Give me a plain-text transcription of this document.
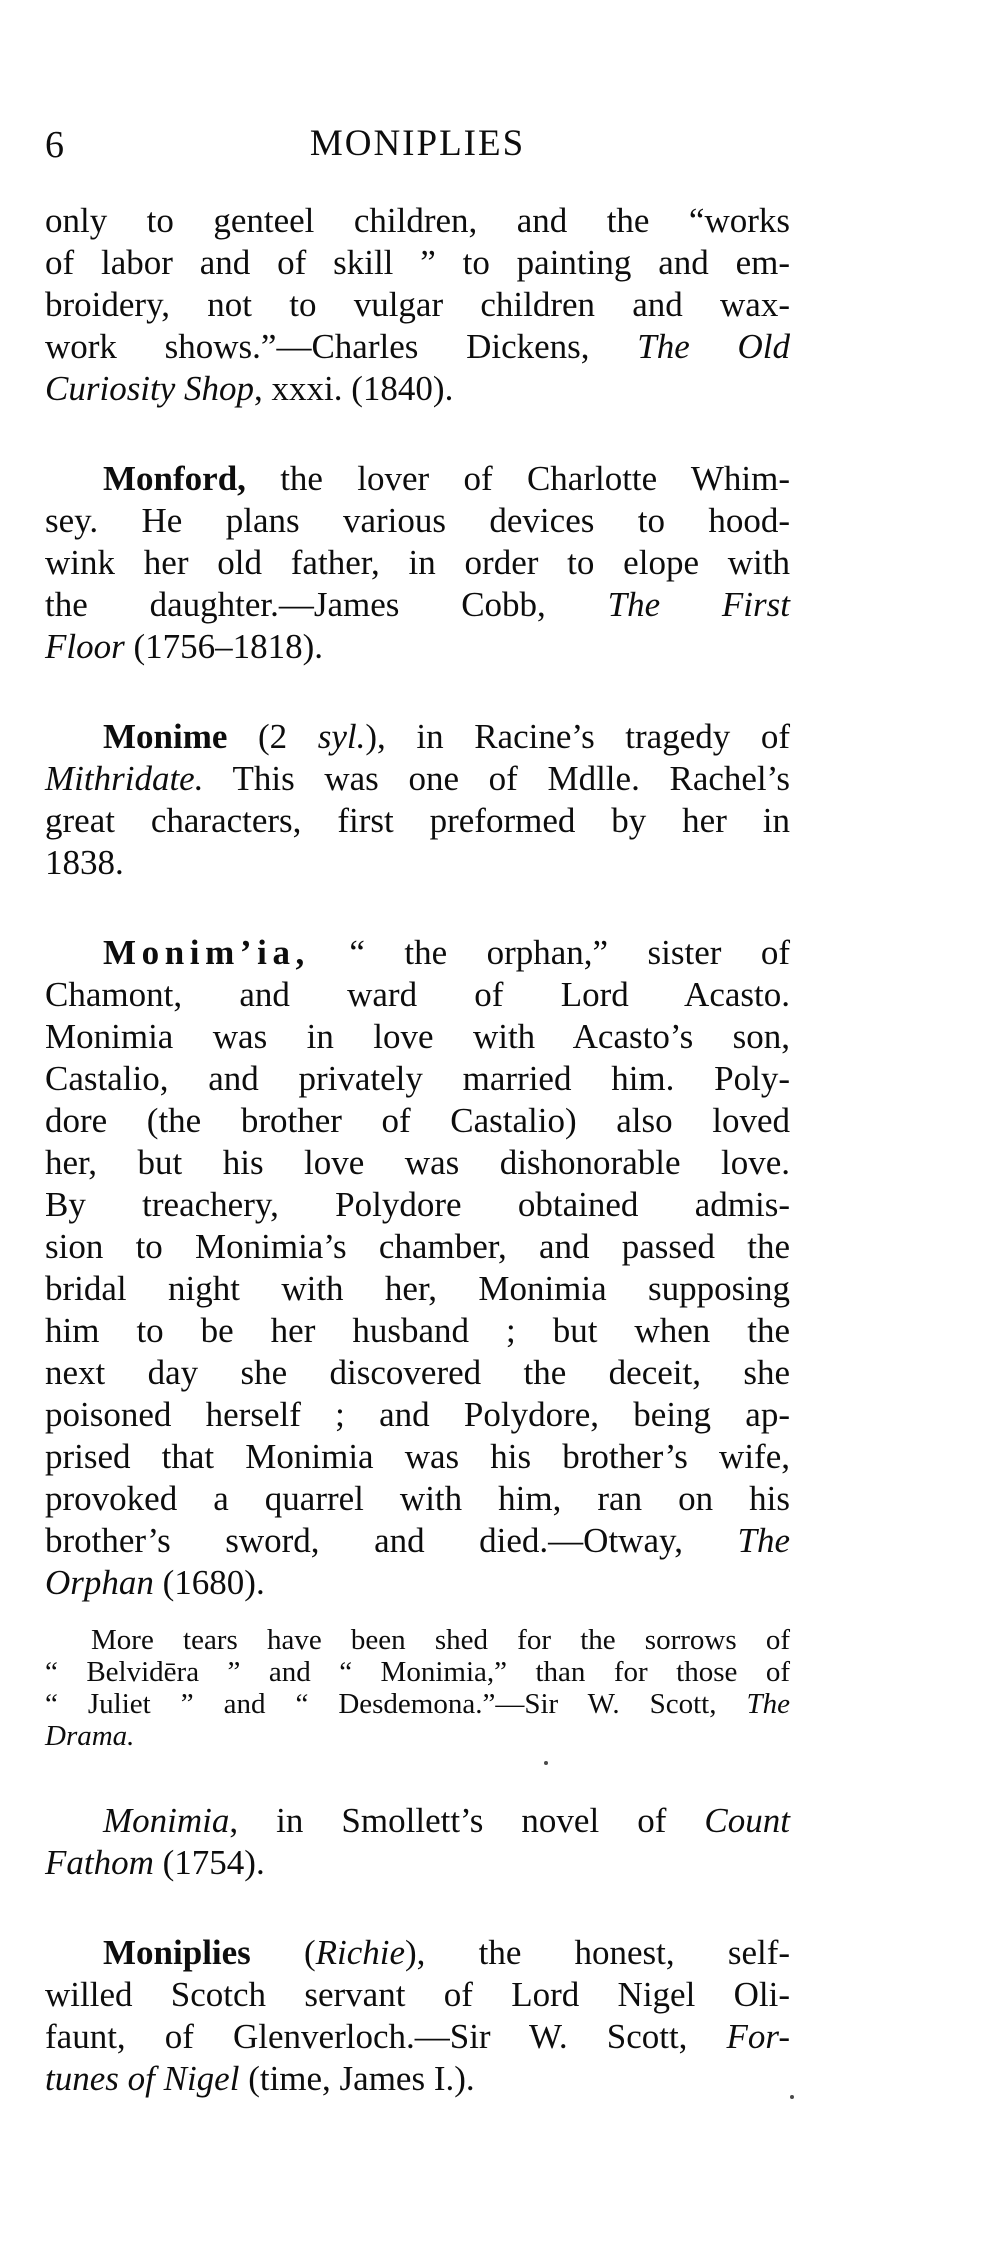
6	MONIPLIES
only to genteel children, and the “works
of labor and of skill ” to painting and em-
broidery, not to vulgar children and wax-
work shows.”—Charles Dickens, The Old
Curiosity Shop, xxxi. (1840).
Monford, the lover of Charlotte Whim-
sey. He plans various devices to hood-
wink her old father, in order to elope with
the daughter.—James Cobb, The First
Floor (1756–1818).
Monime (2 syl.), in Racine’s tragedy of
Mithridate. This was one of Mdlle. Rachel’s
great characters, first preformed by her in
1838.
Monim’ia, “ the orphan,” sister of
Chamont, and ward of Lord Acasto.
Monimia was in love with Acasto’s son,
Castalio, and privately married him. Poly-
dore (the brother of Castalio) also loved
her, but his love was dishonorable love.
By treachery, Polydore obtained admis-
sion to Monimia’s chamber, and passed the
bridal night with her, Monimia supposing
him to be her husband ; but when the
next day she discovered the deceit, she
poisoned herself ; and Polydore, being ap-
prised that Monimia was his brother’s wife,
provoked a quarrel with him, ran on his
brother’s sword, and died.—Otway, The
Orphan (1680).
More tears have been shed for the sorrows of
“ Belvidēra ” and “ Monimia,” than for those of
“ Juliet ” and “ Desdemona.”—Sir W. Scott, The
Drama.
Monimia, in Smollett’s novel of Count
Fathom (1754).
Moniplies (Richie), the honest, self-
willed Scotch servant of Lord Nigel Oli-
faunt, of Glenverloch.—Sir W. Scott, For-
tunes of Nigel (time, James I.).
